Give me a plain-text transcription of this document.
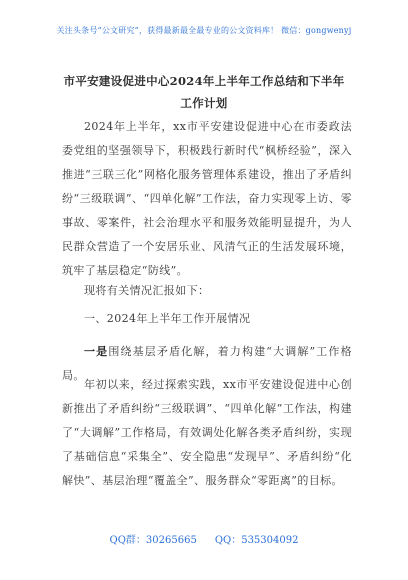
关注头条号“公文研究”，获得最新最全最专业的公文资料库！ 微信：gongwenyj
市平安建设促进中心2024年上半年工作总结和下半年工作计划
2024年上半年，xx市平安建设促进中心在市委政法委党组的坚强领导下，积极践行新时代“枫桥经验”，深入推进“三联三化”网格化服务管理体系建设，推出了矛盾纠纷“三级联调”、“四单化解”工作法，奋力实现零上访、零事故、零案件，社会治理水平和服务效能明显提升，为人民群众营造了一个安居乐业、风清气正的生活发展环境，筑牢了基层稳定“防线”。
现将有关情况汇报如下：
一、2024年上半年工作开展情况
一是围绕基层矛盾化解，着力构建“大调解”工作格局。
年初以来，经过探索实践，xx市平安建设促进中心创新推出了矛盾纠纷“三级联调”、“四单化解”工作法，构建了“大调解”工作格局，有效调处化解各类矛盾纠纷，实现了基础信息“采集全”、安全隐患“发现早”、矛盾纠纷“化解快”、基层治理“覆盖全”、服务群众“零距离”的目标。
QQ群：30265665 QQ：535304092
